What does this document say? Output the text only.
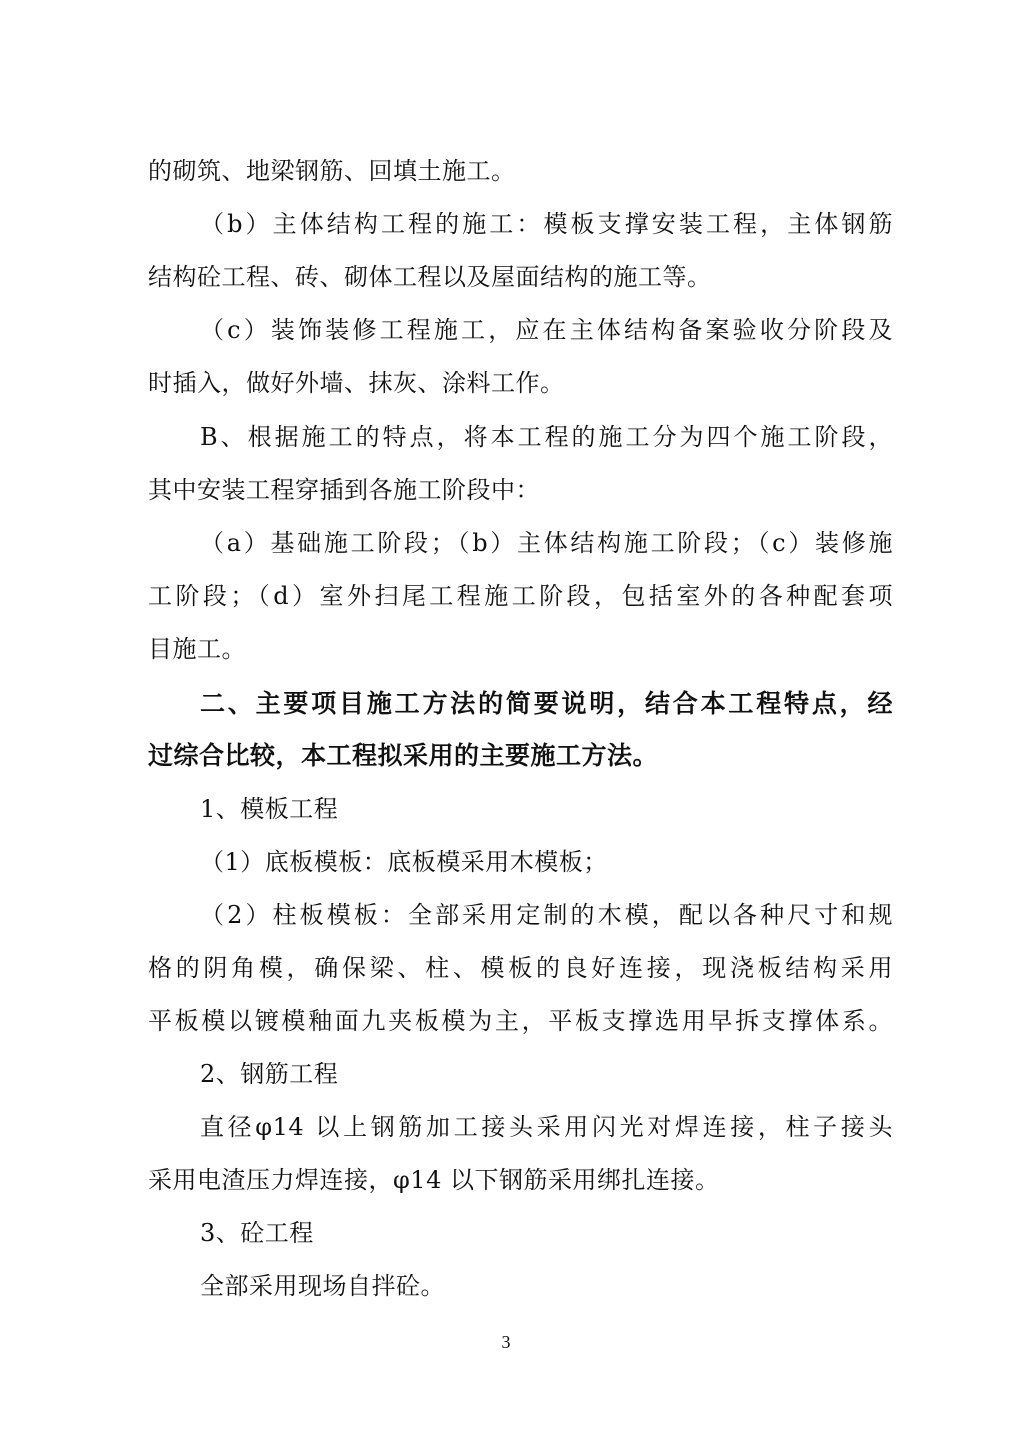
的砌筑、地梁钢筋、回填土施工。
（b）主体结构工程的施工：模板支撑安装工程，主体钢筋
结构砼工程、砖、砌体工程以及屋面结构的施工等。
（c）装饰装修工程施工，应在主体结构备案验收分阶段及
时插入，做好外墙、抹灰、涂料工作。
B、根据施工的特点，将本工程的施工分为四个施工阶段，
其中安装工程穿插到各施工阶段中：
（a）基础施工阶段；（b）主体结构施工阶段；（c）装修施
工阶段；（d）室外扫尾工程施工阶段，包括室外的各种配套项
目施工。
二、主要项目施工方法的简要说明，结合本工程特点，经
过综合比较，本工程拟采用的主要施工方法。
1、模板工程
（1）底板模板：底板模采用木模板；
（2）柱板模板：全部采用定制的木模，配以各种尺寸和规
格的阴角模，确保梁、柱、模板的良好连接，现浇板结构采用
平板模以镀模釉面九夹板模为主，平板支撑选用早拆支撑体系。
2、钢筋工程
直径φ14 以上钢筋加工接头采用闪光对焊连接，柱子接头
采用电渣压力焊连接，φ14 以下钢筋采用绑扎连接。
3、砼工程
全部采用现场自拌砼。
3
